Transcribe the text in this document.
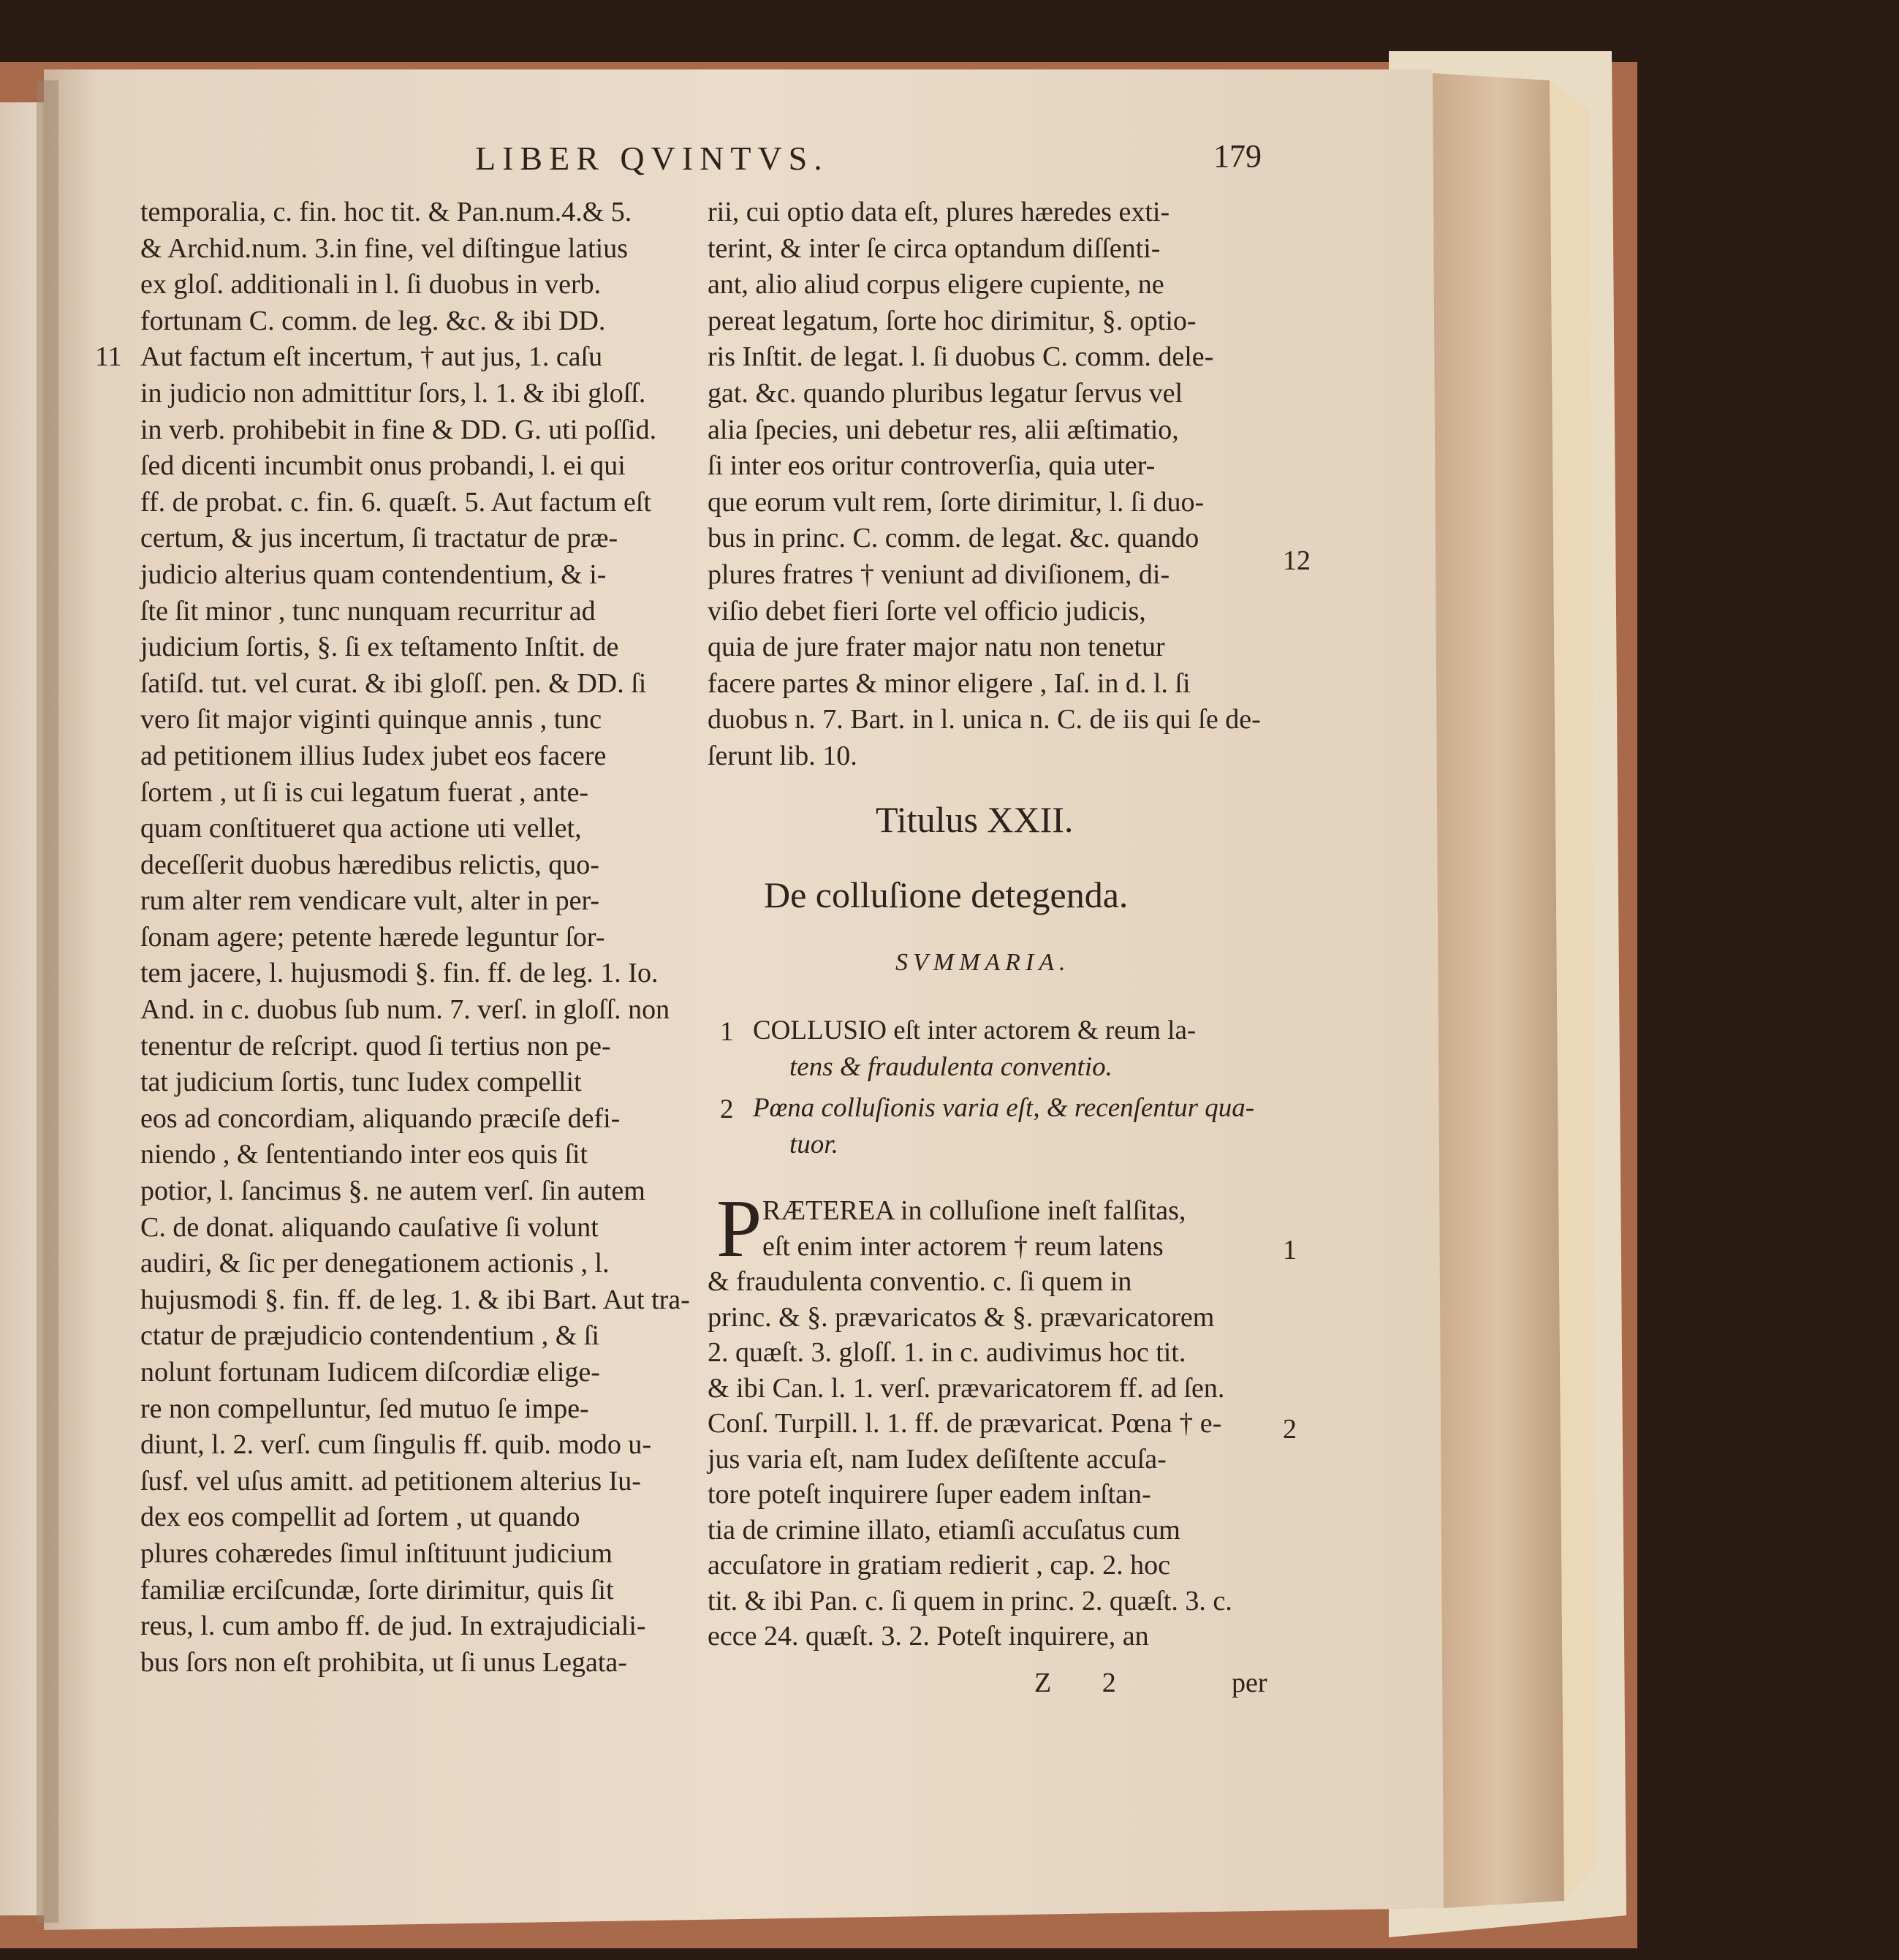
LIBER QVINTVS.	179
temporalia, c. fin. hoc tit. & Pan.num.4.& 5.
& Archid.num. 3.in fine, vel diſtingue latius
ex gloſ. additionali in l. ſi duobus in verb.
fortunam C. comm. de leg. &c. & ibi DD.
Aut factum eſt incertum, † aut jus, 1. caſu
in judicio non admittitur ſors, l. 1. & ibi gloſſ.
in verb. prohibebit in fine & DD. G. uti poſſid.
ſed dicenti incumbit onus probandi, l. ei qui
ff. de probat. c. fin. 6. quæſt. 5. Aut factum eſt
certum, & jus incertum, ſi tractatur de præ-
judicio alterius quam contendentium, & i-
ſte ſit minor , tunc nunquam recurritur ad
judicium ſortis, §. ſi ex teſtamento Inſtit. de
ſatiſd. tut. vel curat. & ibi gloſſ. pen. & DD. ſi
vero ſit major viginti quinque annis , tunc
ad petitionem illius Iudex jubet eos facere
ſortem , ut ſi is cui legatum fuerat , ante-
quam conſtitueret qua actione uti vellet,
deceſſerit duobus hæredibus relictis, quo-
rum alter rem vendicare vult, alter in per-
ſonam agere; petente hærede leguntur ſor-
tem jacere, l. hujusmodi §. fin. ff. de leg. 1. Io.
And. in c. duobus ſub num. 7. verſ. in gloſſ. non
tenentur de reſcript. quod ſi tertius non pe-
tat judicium ſortis, tunc Iudex compellit
eos ad concordiam, aliquando præciſe defi-
niendo , & ſententiando inter eos quis ſit
potior, l. ſancimus §. ne autem verſ. ſin autem
C. de donat. aliquando cauſative ſi volunt
audiri, & ſic per denegationem actionis , l.
hujusmodi §. fin. ff. de leg. 1. & ibi Bart. Aut tra-
ctatur de præjudicio contendentium , & ſi
nolunt fortunam Iudicem diſcordiæ elige-
re non compelluntur, ſed mutuo ſe impe-
diunt, l. 2. verſ. cum ſingulis ff. quib. modo u-
ſusf. vel uſus amitt. ad petitionem alterius Iu-
dex eos compellit ad ſortem , ut quando
plures cohæredes ſimul inſtituunt judicium
familiæ erciſcundæ, ſorte dirimitur, quis ſit
reus, l. cum ambo ff. de jud. In extrajudiciali-
bus ſors non eſt prohibita, ut ſi unus Legata-
rii, cui optio data eſt, plures hæredes exti-
terint, & inter ſe circa optandum diſſenti-
ant, alio aliud corpus eligere cupiente, ne
pereat legatum, ſorte hoc dirimitur, §. optio-
ris Inſtit. de legat. l. ſi duobus C. comm. dele-
gat. &c. quando pluribus legatur ſervus vel
alia ſpecies, uni debetur res, alii æſtimatio,
ſi inter eos oritur controverſia, quia uter-
que eorum vult rem, ſorte dirimitur, l. ſi duo-
bus in princ. C. comm. de legat. &c. quando
plures fratres † veniunt ad diviſionem, di-
viſio debet fieri ſorte vel officio judicis,
quia de jure frater major natu non tenetur
facere partes & minor eligere , Iaſ. in d. l. ſi
duobus n. 7. Bart. in l. unica n. C. de iis qui ſe de-
ſerunt lib. 10.
11
12
1
2
Titulus XXII.
De colluſione detegenda.
SVMMARIA.
1 COLLUSIO eſt inter actorem & reum la-
tens & fraudulenta conventio.
2 Pœna colluſionis varia eſt, & recenſentur qua-
tuor.
P RÆTEREA in colluſione ineſt falſitas,
eſt enim inter actorem † reum latens
& fraudulenta conventio. c. ſi quem in
princ. & §. prævaricatos & §. prævaricatorem
2. quæſt. 3. gloſſ. 1. in c. audivimus hoc tit.
& ibi Can. l. 1. verſ. prævaricatorem ff. ad ſen.
Conſ. Turpill. l. 1. ff. de prævaricat. Pœna † e-
jus varia eſt, nam Iudex deſiſtente accuſa-
tore poteſt inquirere ſuper eadem inſtan-
tia de crimine illato, etiamſi accuſatus cum
accuſatore in gratiam redierit , cap. 2. hoc
tit. & ibi Pan. c. ſi quem in princ. 2. quæſt. 3. c.
ecce 24. quæſt. 3. 2. Poteſt inquirere, an
Z 2	per
